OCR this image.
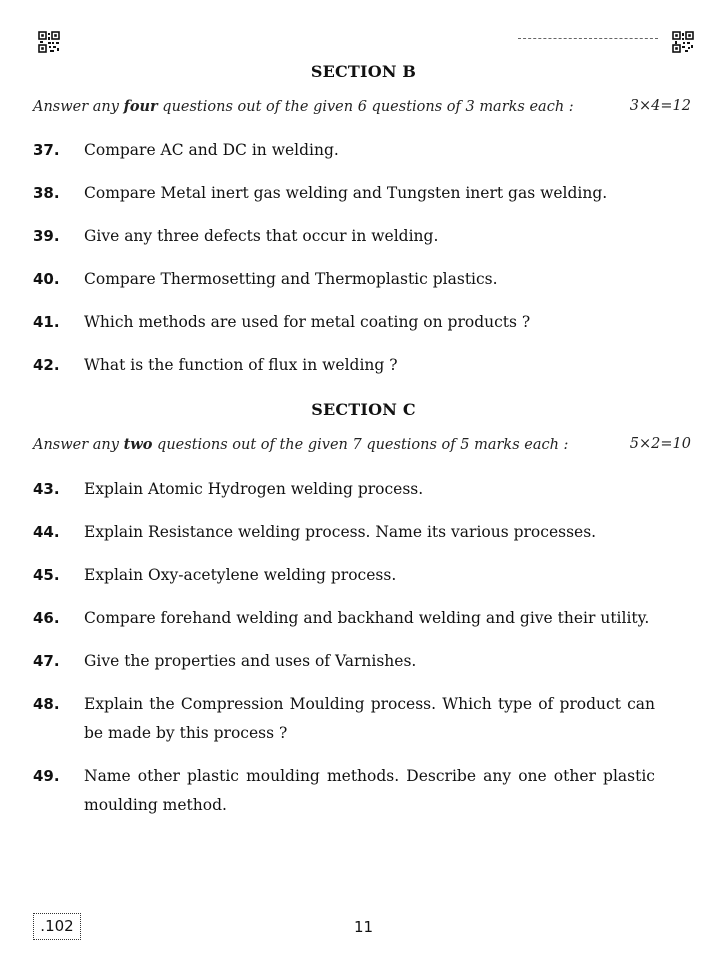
SECTION B
Answer any four questions out of the given 6 questions of 3 marks each :	3×4=12
37. Compare AC and DC in welding.
38. Compare Metal inert gas welding and Tungsten inert gas welding.
39. Give any three defects that occur in welding.
40. Compare Thermosetting and Thermoplastic plastics.
41. Which methods are used for metal coating on products ?
42. What is the function of flux in welding ?
SECTION C
Answer any two questions out of the given 7 questions of 5 marks each :	5×2=10
43. Explain Atomic Hydrogen welding process.
44. Explain Resistance welding process. Name its various processes.
45. Explain Oxy-acetylene welding process.
46. Compare forehand welding and backhand welding and give their utility.
47. Give the properties and uses of Varnishes.
48. Explain the Compression Moulding process. Which type of product can be made by this process ?
49. Name other plastic moulding methods. Describe any one other plastic moulding method.
.102	11
